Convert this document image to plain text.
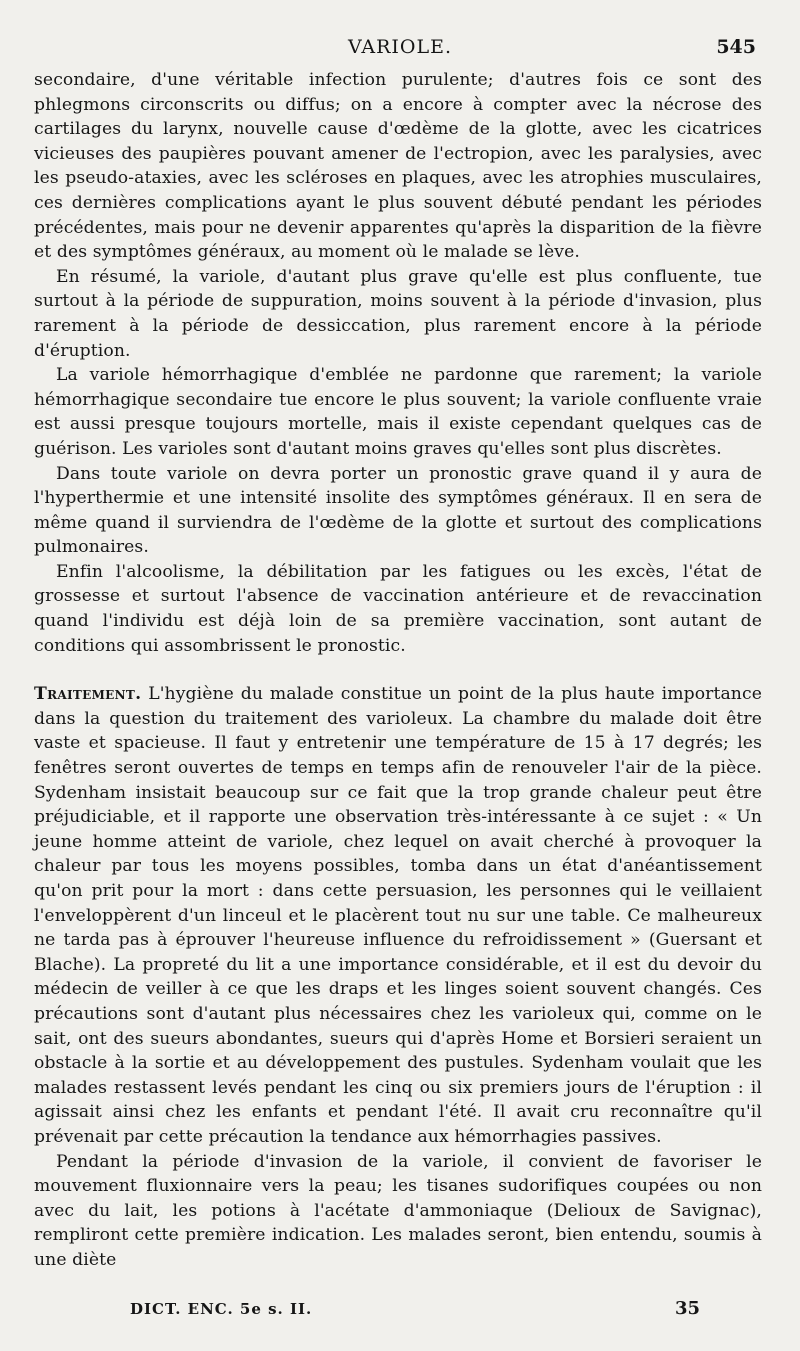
VARIOLE.	545

secondaire, d'une véritable infection purulente; d'autres fois ce sont des phlegmons circonscrits ou diffus; on a encore à compter avec la nécrose des cartilages du larynx, nouvelle cause d'œdème de la glotte, avec les cicatrices vicieuses des paupières pouvant amener de l'ectropion, avec les paralysies, avec les pseudo-ataxies, avec les scléroses en plaques, avec les atrophies musculaires, ces dernières complications ayant le plus souvent débuté pendant les périodes précédentes, mais pour ne devenir apparentes qu'après la disparition de la fièvre et des symptômes généraux, au moment où le malade se lève.

En résumé, la variole, d'autant plus grave qu'elle est plus confluente, tue surtout à la période de suppuration, moins souvent à la période d'invasion, plus rarement à la période de dessiccation, plus rarement encore à la période d'éruption.

La variole hémorrhagique d'emblée ne pardonne que rarement; la variole hémorrhagique secondaire tue encore le plus souvent; la variole confluente vraie est aussi presque toujours mortelle, mais il existe cependant quelques cas de guérison. Les varioles sont d'autant moins graves qu'elles sont plus discrètes.

Dans toute variole on devra porter un pronostic grave quand il y aura de l'hyperthermie et une intensité insolite des symptômes généraux. Il en sera de même quand il surviendra de l'œdème de la glotte et surtout des complications pulmonaires.

Enfin l'alcoolisme, la débilitation par les fatigues ou les excès, l'état de grossesse et surtout l'absence de vaccination antérieure et de revaccination quand l'individu est déjà loin de sa première vaccination, sont autant de conditions qui assombrissent le pronostic.

Traitement. L'hygiène du malade constitue un point de la plus haute importance dans la question du traitement des varioleux. La chambre du malade doit être vaste et spacieuse. Il faut y entretenir une température de 15 à 17 degrés; les fenêtres seront ouvertes de temps en temps afin de renouveler l'air de la pièce. Sydenham insistait beaucoup sur ce fait que la trop grande chaleur peut être préjudiciable, et il rapporte une observation très-intéressante à ce sujet : « Un jeune homme atteint de variole, chez lequel on avait cherché à provoquer la chaleur par tous les moyens possibles, tomba dans un état d'anéantissement qu'on prit pour la mort : dans cette persuasion, les personnes qui le veillaient l'enveloppèrent d'un linceul et le placèrent tout nu sur une table. Ce malheureux ne tarda pas à éprouver l'heureuse influence du refroidissement » (Guersant et Blache). La propreté du lit a une importance considérable, et il est du devoir du médecin de veiller à ce que les draps et les linges soient souvent changés. Ces précautions sont d'autant plus nécessaires chez les varioleux qui, comme on le sait, ont des sueurs abondantes, sueurs qui d'après Home et Borsieri seraient un obstacle à la sortie et au développement des pustules. Sydenham voulait que les malades restassent levés pendant les cinq ou six premiers jours de l'éruption : il agissait ainsi chez les enfants et pendant l'été. Il avait cru reconnaître qu'il prévenait par cette précaution la tendance aux hémorrhagies passives.

Pendant la période d'invasion de la variole, il convient de favoriser le mouvement fluxionnaire vers la peau; les tisanes sudorifiques coupées ou non avec du lait, les potions à l'acétate d'ammoniaque (Delioux de Savignac), rempliront cette première indication. Les malades seront, bien entendu, soumis à une diète

DICT. ENC. 5e s. II.	35
